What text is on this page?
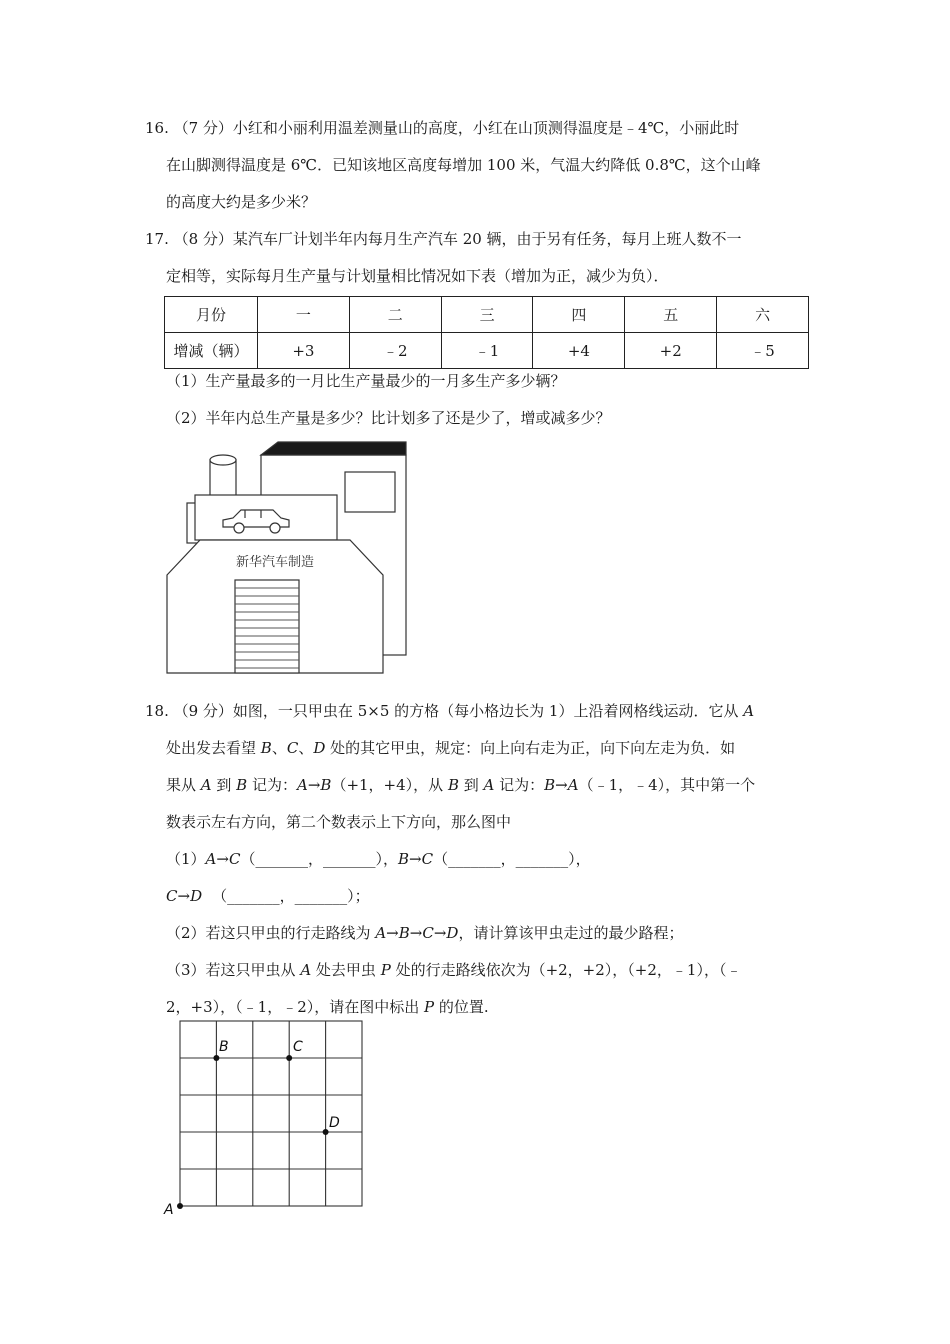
16. （7 分）小红和小丽利用温差测量山的高度，小红在山顶测得温度是﹣4℃，小丽此时
在山脚测得温度是 6℃．已知该地区高度每增加 100 米，气温大约降低 0.8℃，这个山峰
的高度大约是多少米？
17. （8 分）某汽车厂计划半年内每月生产汽车 20 辆，由于另有任务，每月上班人数不一
定相等，实际每月生产量与计划量相比情况如下表（增加为正，减少为负）．
月份	一	二	三	四	五	六
增减（辆）	+3	﹣2	﹣1	+4	+2	﹣5
（1）生产量最多的一月比生产量最少的一月多生产多少辆？
（2）半年内总生产量是多少？比计划多了还是少了，增或减多少？
新华汽车制造
18. （9 分）如图，一只甲虫在 5×5 的方格（每小格边长为 1）上沿着网格线运动．它从 A
处出发去看望 B、C、D 处的其它甲虫，规定：向上向右走为正，向下向左走为负．如
果从 A 到 B 记为：A→B（+1，+4），从 B 到 A 记为：B→A（﹣1，﹣4），其中第一个
数表示左右方向，第二个数表示上下方向，那么图中
（1）A→C（_______，_______），B→C（_______，_______），
C→D （_______，_______）；
（2）若这只甲虫的行走路线为 A→B→C→D，请计算该甲虫走过的最少路程；
（3）若这只甲虫从 A 处去甲虫 P 处的行走路线依次为（+2，+2），（+2，﹣1），（﹣
2，+3），（﹣1，﹣2），请在图中标出 P 的位置.
A
B	C
D
